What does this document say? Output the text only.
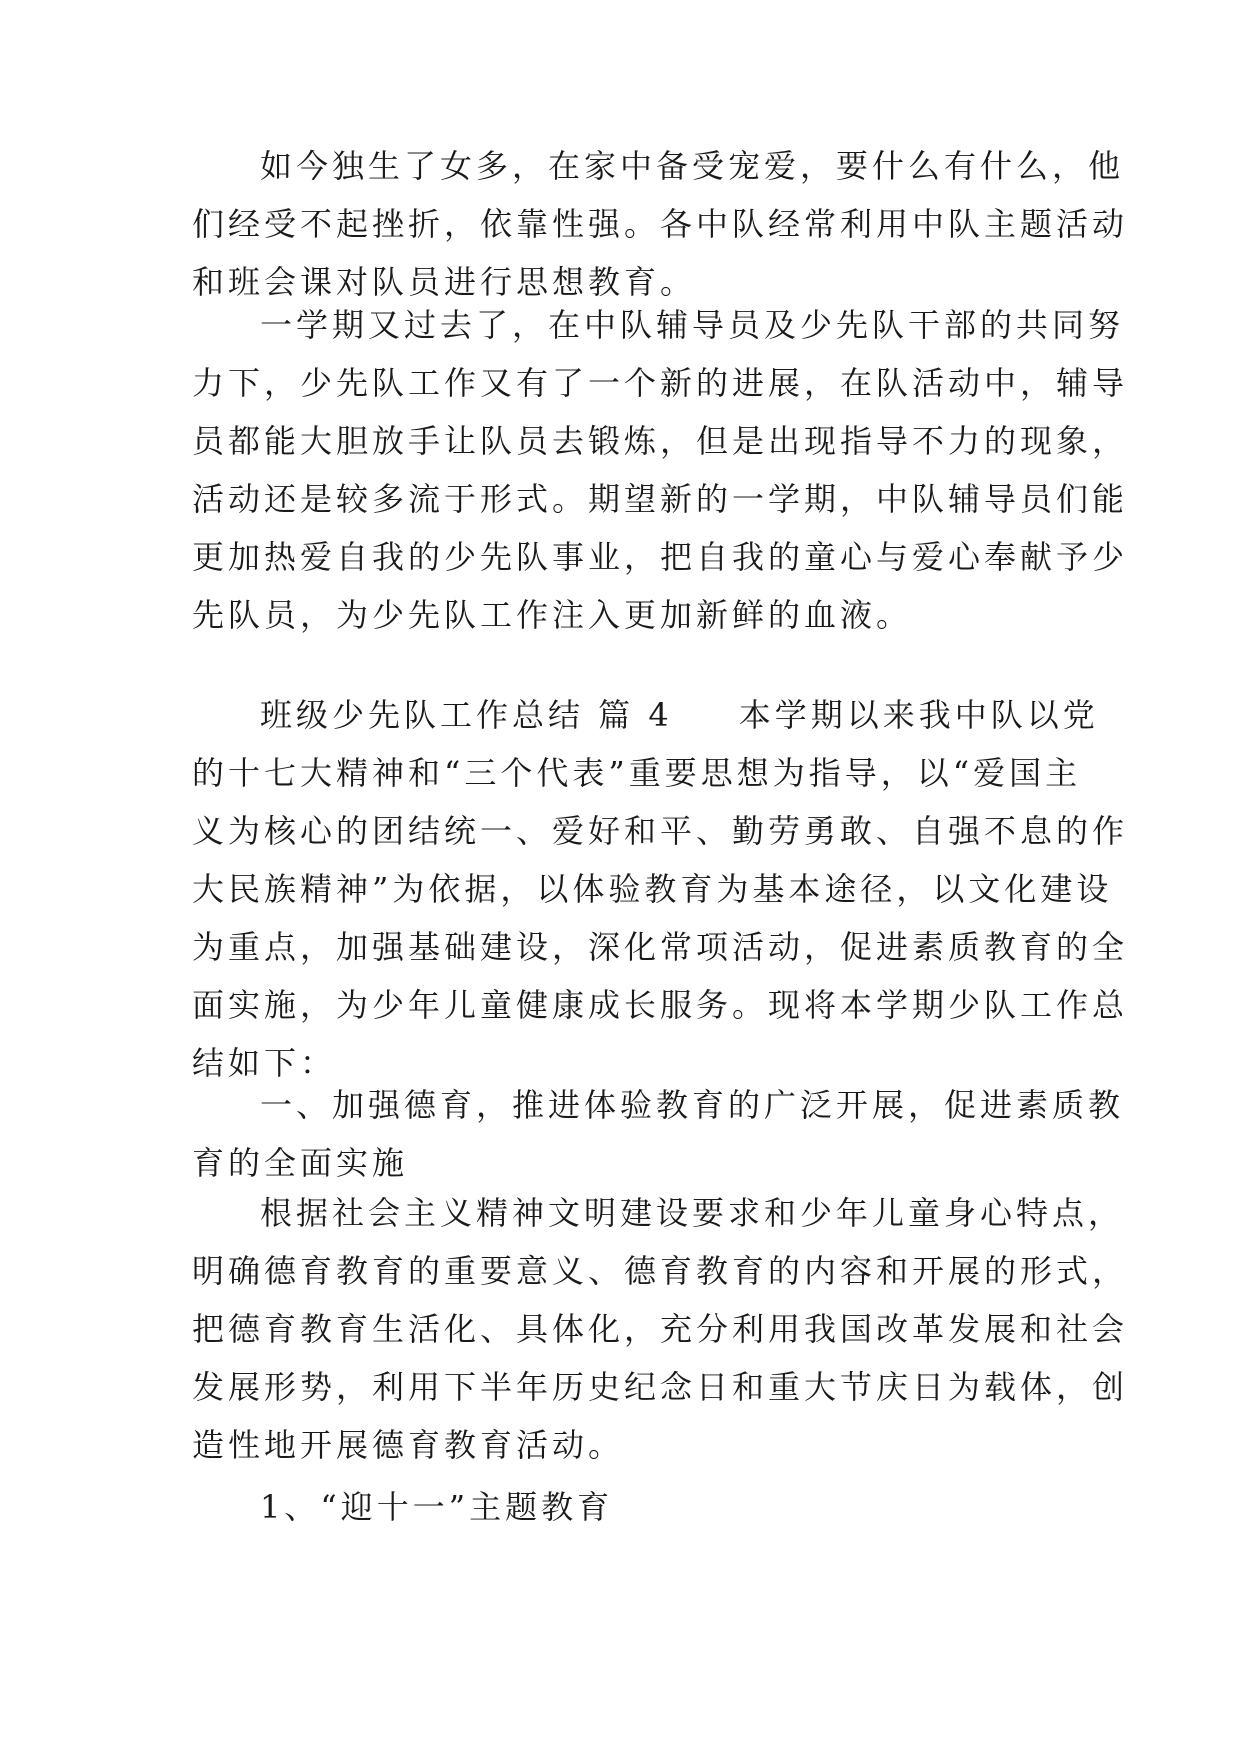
如今独生了女多，在家中备受宠爱，要什么有什么，他
们经受不起挫折，依靠性强。各中队经常利用中队主题活动
和班会课对队员进行思想教育。
一学期又过去了，在中队辅导员及少先队干部的共同努
力下，少先队工作又有了一个新的进展，在队活动中，辅导
员都能大胆放手让队员去锻炼，但是出现指导不力的现象，
活动还是较多流于形式。期望新的一学期，中队辅导员们能
更加热爱自我的少先队事业，把自我的童心与爱心奉献予少
先队员，为少先队工作注入更加新鲜的血液。
班级少先队工作总结 篇 4 本学期以来我中队以党
的十七大精神和“三个代表”重要思想为指导，以“爱国主
义为核心的团结统一、爱好和平、勤劳勇敢、自强不息的作
大民族精神”为依据，以体验教育为基本途径，以文化建设
为重点，加强基础建设，深化常项活动，促进素质教育的全
面实施，为少年儿童健康成长服务。现将本学期少队工作总
结如下：
一、加强德育，推进体验教育的广泛开展，促进素质教
育的全面实施
根据社会主义精神文明建设要求和少年儿童身心特点，
明确德育教育的重要意义、德育教育的内容和开展的形式，
把德育教育生活化、具体化，充分利用我国改革发展和社会
发展形势，利用下半年历史纪念日和重大节庆日为载体，创
造性地开展德育教育活动。
1、“迎十一”主题教育
